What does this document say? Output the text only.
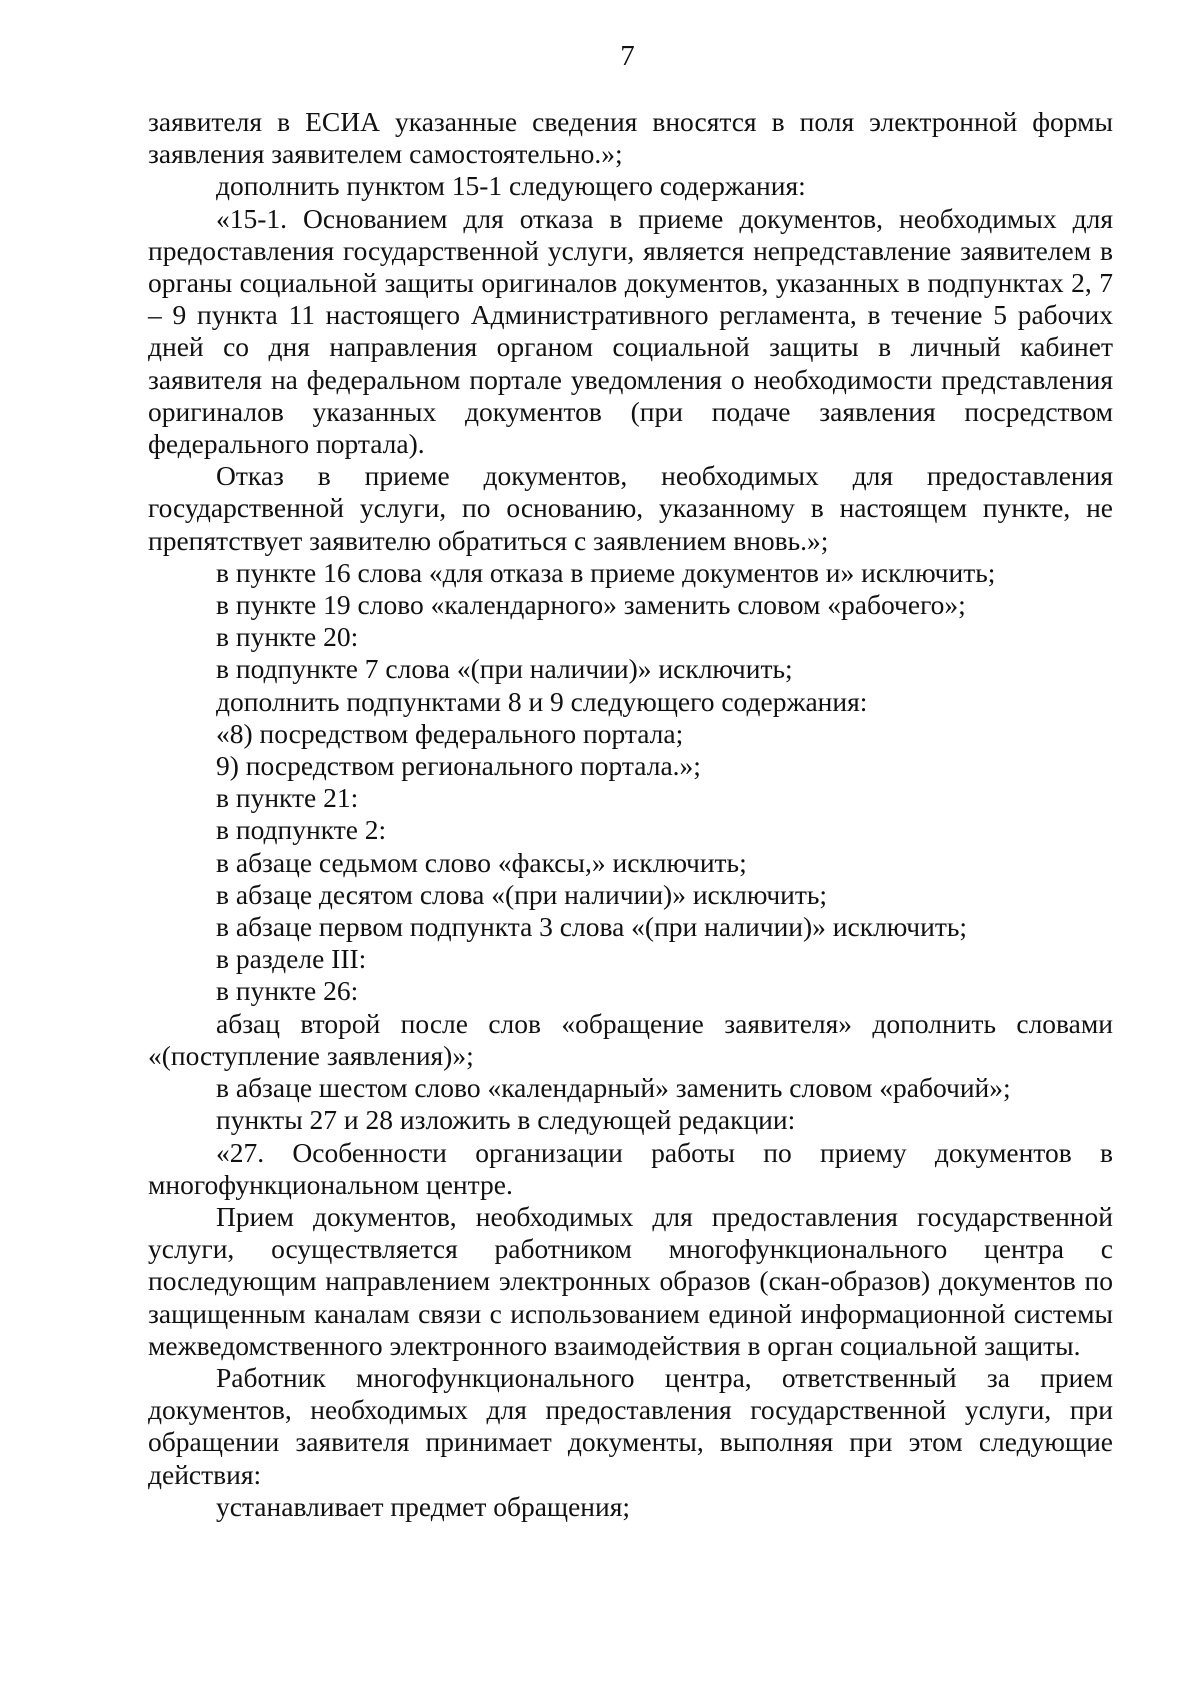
7

заявителя в ЕСИА указанные сведения вносятся в поля электронной формы заявления заявителем самостоятельно.»;

дополнить пунктом 15-1 следующего содержания:

«15-1. Основанием для отказа в приеме документов, необходимых для предоставления государственной услуги, является непредставление заявителем в органы социальной защиты оригиналов документов, указанных в подпунктах 2, 7 – 9 пункта 11 настоящего Административного регламента, в течение 5 рабочих дней со дня направления органом социальной защиты в личный кабинет заявителя на федеральном портале уведомления о необходимости представления оригиналов указанных документов (при подаче заявления посредством федерального портала).

Отказ в приеме документов, необходимых для предоставления государственной услуги, по основанию, указанному в настоящем пункте, не препятствует заявителю обратиться с заявлением вновь.»;

в пункте 16 слова «для отказа в приеме документов и» исключить;

в пункте 19 слово «календарного» заменить словом «рабочего»;

в пункте 20:

в подпункте 7 слова «(при наличии)» исключить;

дополнить подпунктами 8 и 9 следующего содержания:

«8) посредством федерального портала;

9) посредством регионального портала.»;

в пункте 21:

в подпункте 2:

в абзаце седьмом слово «факсы,» исключить;

в абзаце десятом слова «(при наличии)» исключить;

в абзаце первом подпункта 3 слова «(при наличии)» исключить;

в разделе III:

в пункте 26:

абзац второй после слов «обращение заявителя» дополнить словами «(поступление заявления)»;

в абзаце шестом слово «календарный» заменить словом «рабочий»;

пункты 27 и 28 изложить в следующей редакции:

«27. Особенности организации работы по приему документов в многофункциональном центре.

Прием документов, необходимых для предоставления государственной услуги, осуществляется работником многофункционального центра с последующим направлением электронных образов (скан-образов) документов по защищенным каналам связи с использованием единой информационной системы межведомственного электронного взаимодействия в орган социальной защиты.

Работник многофункционального центра, ответственный за прием документов, необходимых для предоставления государственной услуги, при обращении заявителя принимает документы, выполняя при этом следующие действия:

устанавливает предмет обращения;
